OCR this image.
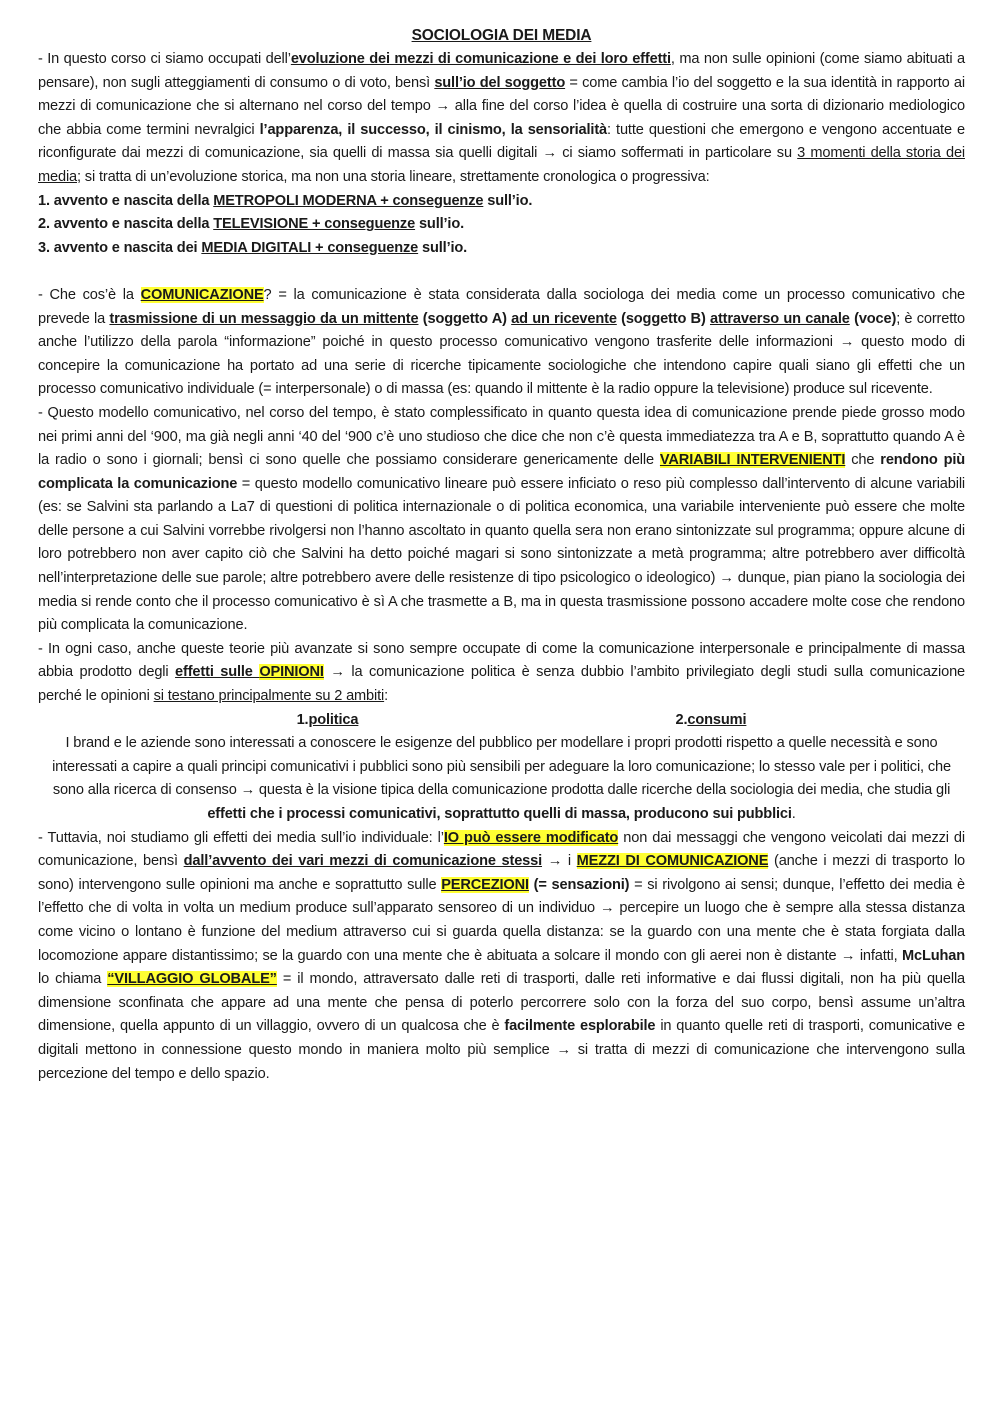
SOCIOLOGIA DEI MEDIA

- In questo corso ci siamo occupati dell’evoluzione dei mezzi di comunicazione e dei loro effetti, ma non sulle opinioni (come siamo abituati a pensare), non sugli atteggiamenti di consumo o di voto, bensì sull’io del soggetto = come cambia l’io del soggetto e la sua identità in rapporto ai mezzi di comunicazione che si alternano nel corso del tempo → alla fine del corso l’idea è quella di costruire una sorta di dizionario mediologico che abbia come termini nevralgici l’apparenza, il successo, il cinismo, la sensorialità: tutte questioni che emergono e vengono accentuate e riconfigurate dai mezzi di comunicazione, sia quelli di massa sia quelli digitali → ci siamo soffermati in particolare su 3 momenti della storia dei media; si tratta di un’evoluzione storica, ma non una storia lineare, strettamente cronologica o progressiva:

1. avvento e nascita della METROPOLI MODERNA + conseguenze sull’io.

2. avvento e nascita della TELEVISIONE + conseguenze sull’io.

3. avvento e nascita dei MEDIA DIGITALI + conseguenze sull’io.

- Che cos’è la COMUNICAZIONE? = la comunicazione è stata considerata dalla sociologa dei media come un processo comunicativo che prevede la trasmissione di un messaggio da un mittente (soggetto A) ad un ricevente (soggetto B) attraverso un canale (voce); è corretto anche l’utilizzo della parola “informazione” poiché in questo processo comunicativo vengono trasferite delle informazioni → questo modo di concepire la comunicazione ha portato ad una serie di ricerche tipicamente sociologiche che intendono capire quali siano gli effetti che un processo comunicativo individuale (= interpersonale) o di massa (es: quando il mittente è la radio oppure la televisione) produce sul ricevente.

- Questo modello comunicativo, nel corso del tempo, è stato complessificato in quanto questa idea di comunicazione prende piede grosso modo nei primi anni del ‘900, ma già negli anni ‘40 del ‘900 c’è uno studioso che dice che non c’è questa immediatezza tra A e B, soprattutto quando A è la radio o sono i giornali; bensì ci sono quelle che possiamo considerare genericamente delle VARIABILI INTERVENIENTI che rendono più complicata la comunicazione = questo modello comunicativo lineare può essere inficiato o reso più complesso dall’intervento di alcune variabili (es: se Salvini sta parlando a La7 di questioni di politica internazionale o di politica economica, una variabile interveniente può essere che molte delle persone a cui Salvini vorrebbe rivolgersi non l’hanno ascoltato in quanto quella sera non erano sintonizzate sul programma; oppure alcune di loro potrebbero non aver capito ciò che Salvini ha detto poiché magari si sono sintonizzate a metà programma; altre potrebbero aver difficoltà nell’interpretazione delle sue parole; altre potrebbero avere delle resistenze di tipo psicologico o ideologico) → dunque, pian piano la sociologia dei media si rende conto che il processo comunicativo è sì A che trasmette a B, ma in questa trasmissione possono accadere molte cose che rendono più complicata la comunicazione.

- In ogni caso, anche queste teorie più avanzate si sono sempre occupate di come la comunicazione interpersonale e principalmente di massa abbia prodotto degli effetti sulle OPINIONI → la comunicazione politica è senza dubbio l’ambito privilegiato degli studi sulla comunicazione perché le opinioni si testano principalmente su 2 ambiti:

1.politica	2.consumi

I brand e le aziende sono interessati a conoscere le esigenze del pubblico per modellare i propri prodotti rispetto a quelle necessità e sono interessati a capire a quali principi comunicativi i pubblici sono più sensibili per adeguare la loro comunicazione; lo stesso vale per i politici, che sono alla ricerca di consenso → questa è la visione tipica della comunicazione prodotta dalle ricerche della sociologia dei media, che studia gli effetti che i processi comunicativi, soprattutto quelli di massa, producono sui pubblici.

- Tuttavia, noi studiamo gli effetti dei media sull’io individuale: l’IO può essere modificato non dai messaggi che vengono veicolati dai mezzi di comunicazione, bensì dall’avvento dei vari mezzi di comunicazione stessi → i MEZZI DI COMUNICAZIONE (anche i mezzi di trasporto lo sono) intervengono sulle opinioni ma anche e soprattutto sulle PERCEZIONI (= sensazioni) = si rivolgono ai sensi; dunque, l’effetto dei media è l’effetto che di volta in volta un medium produce sull’apparato sensoreo di un individuo → percepire un luogo che è sempre alla stessa distanza come vicino o lontano è funzione del medium attraverso cui si guarda quella distanza: se la guardo con una mente che è stata forgiata dalla locomozione appare distantissimo; se la guardo con una mente che è abituata a solcare il mondo con gli aerei non è distante → infatti, McLuhan lo chiama “VILLAGGIO GLOBALE” = il mondo, attraversato dalle reti di trasporti, dalle reti informative e dai flussi digitali, non ha più quella dimensione sconfinata che appare ad una mente che pensa di poterlo percorrere solo con la forza del suo corpo, bensì assume un’altra dimensione, quella appunto di un villaggio, ovvero di un qualcosa che è facilmente esplorabile in quanto quelle reti di trasporti, comunicative e digitali mettono in connessione questo mondo in maniera molto più semplice → si tratta di mezzi di comunicazione che intervengono sulla percezione del tempo e dello spazio.
